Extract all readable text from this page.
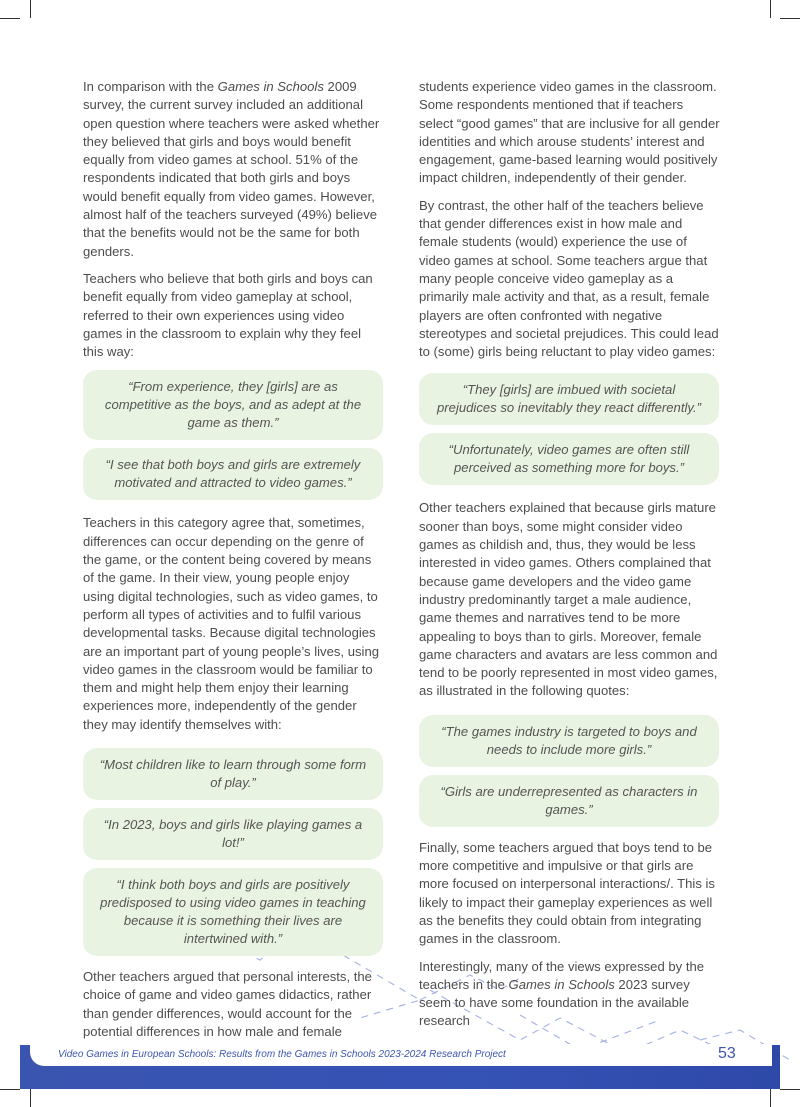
In comparison with the Games in Schools 2009 survey, the current survey included an additional open question where teachers were asked whether they believed that girls and boys would benefit equally from video games at school. 51% of the respondents indicated that both girls and boys would benefit equally from video games. However, almost half of the teachers surveyed (49%) believe that the benefits would not be the same for both genders.

Teachers who believe that both girls and boys can benefit equally from video gameplay at school, referred to their own experiences using video games in the classroom to explain why they feel this way:

“From experience, they [girls] are as competitive as the boys, and as adept at the game as them.”
“I see that both boys and girls are extremely motivated and attracted to video games.”

Teachers in this category agree that, sometimes, differences can occur depending on the genre of the game, or the content being covered by means of the game. In their view, young people enjoy using digital technologies, such as video games, to perform all types of activities and to fulfil various developmental tasks. Because digital technologies are an important part of young people’s lives, using video games in the classroom would be familiar to them and might help them enjoy their learning experiences more, independently of the gender they may identify themselves with:

“Most children like to learn through some form of play.”
“In 2023, boys and girls like playing games a lot!”
“I think both boys and girls are positively predisposed to using video games in teaching because it is something their lives are intertwined with.”

Other teachers argued that personal interests, the choice of game and video games didactics, rather than gender differences, would account for the potential differences in how male and female

students experience video games in the classroom. Some respondents mentioned that if teachers select “good games” that are inclusive for all gender identities and which arouse students’ interest and engagement, game-based learning would positively impact children, independently of their gender.

By contrast, the other half of the teachers believe that gender differences exist in how male and female students (would) experience the use of video games at school. Some teachers argue that many people conceive video gameplay as a primarily male activity and that, as a result, female players are often confronted with negative stereotypes and societal prejudices. This could lead to (some) girls being reluctant to play video games:

“They [girls] are imbued with societal prejudices so inevitably they react differently.”
“Unfortunately, video games are often still perceived as something more for boys.”

Other teachers explained that because girls mature sooner than boys, some might consider video games as childish and, thus, they would be less interested in video games. Others complained that because game developers and the video game industry predominantly target a male audience, game themes and narratives tend to be more appealing to boys than to girls. Moreover, female game characters and avatars are less common and tend to be poorly represented in most video games, as illustrated in the following quotes:

“The games industry is targeted to boys and needs to include more girls.”
“Girls are underrepresented as characters in games.”

Finally, some teachers argued that boys tend to be more competitive and impulsive or that girls are more focused on interpersonal interactions/. This is likely to impact their gameplay experiences as well as the benefits they could obtain from integrating games in the classroom.

Interestingly, many of the views expressed by the teachers in the Games in Schools 2023 survey seem to have some foundation in the available research

Video Games in European Schools: Results from the Games in Schools 2023-2024 Research Project	53
